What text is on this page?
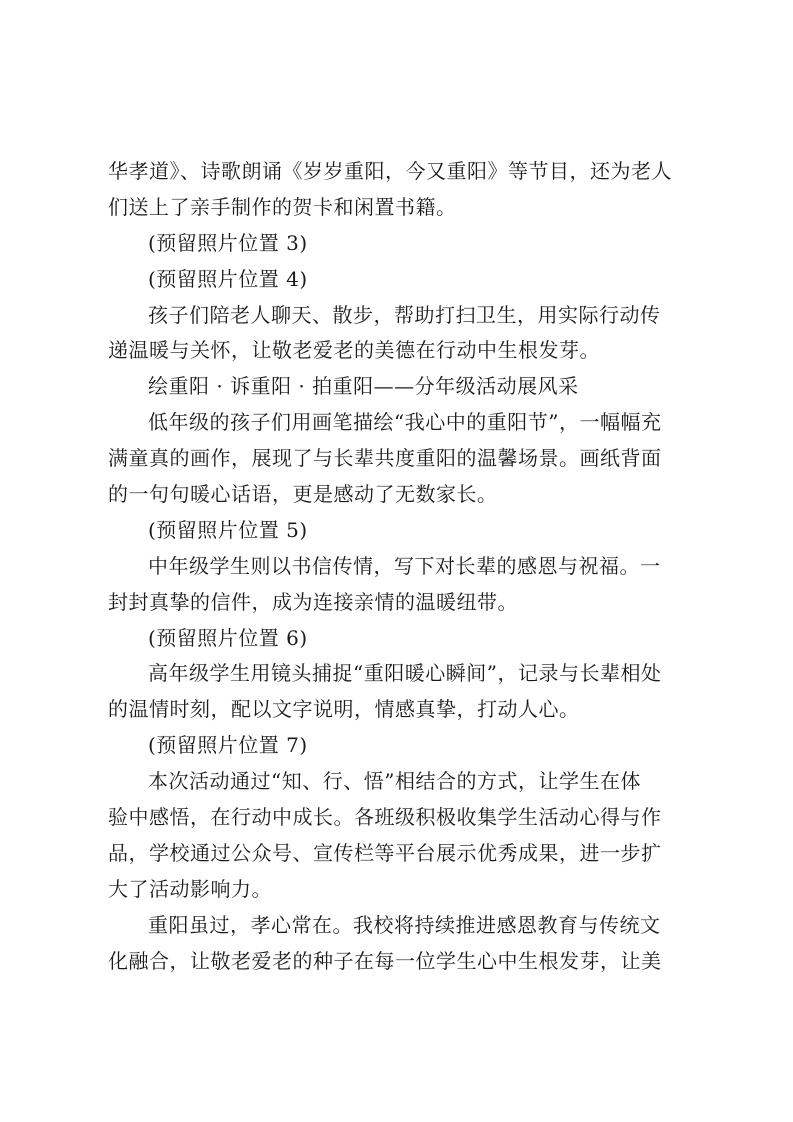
华孝道》、诗歌朗诵《岁岁重阳，今又重阳》等节目，还为老人
们送上了亲手制作的贺卡和闲置书籍。
(预留照片位置 3)
(预留照片位置 4)
孩子们陪老人聊天、散步，帮助打扫卫生，用实际行动传
递温暖与关怀，让敬老爱老的美德在行动中生根发芽。
绘重阳 · 诉重阳 · 拍重阳——分年级活动展风采
低年级的孩子们用画笔描绘“我心中的重阳节”，一幅幅充
满童真的画作，展现了与长辈共度重阳的温馨场景。画纸背面
的一句句暖心话语，更是感动了无数家长。
(预留照片位置 5)
中年级学生则以书信传情，写下对长辈的感恩与祝福。一
封封真挚的信件，成为连接亲情的温暖纽带。
(预留照片位置 6)
高年级学生用镜头捕捉“重阳暖心瞬间”，记录与长辈相处
的温情时刻，配以文字说明，情感真挚，打动人心。
(预留照片位置 7)
本次活动通过“知、行、悟”相结合的方式，让学生在体
验中感悟，在行动中成长。各班级积极收集学生活动心得与作
品，学校通过公众号、宣传栏等平台展示优秀成果，进一步扩
大了活动影响力。
重阳虽过，孝心常在。我校将持续推进感恩教育与传统文
化融合，让敬老爱老的种子在每一位学生心中生根发芽，让美
